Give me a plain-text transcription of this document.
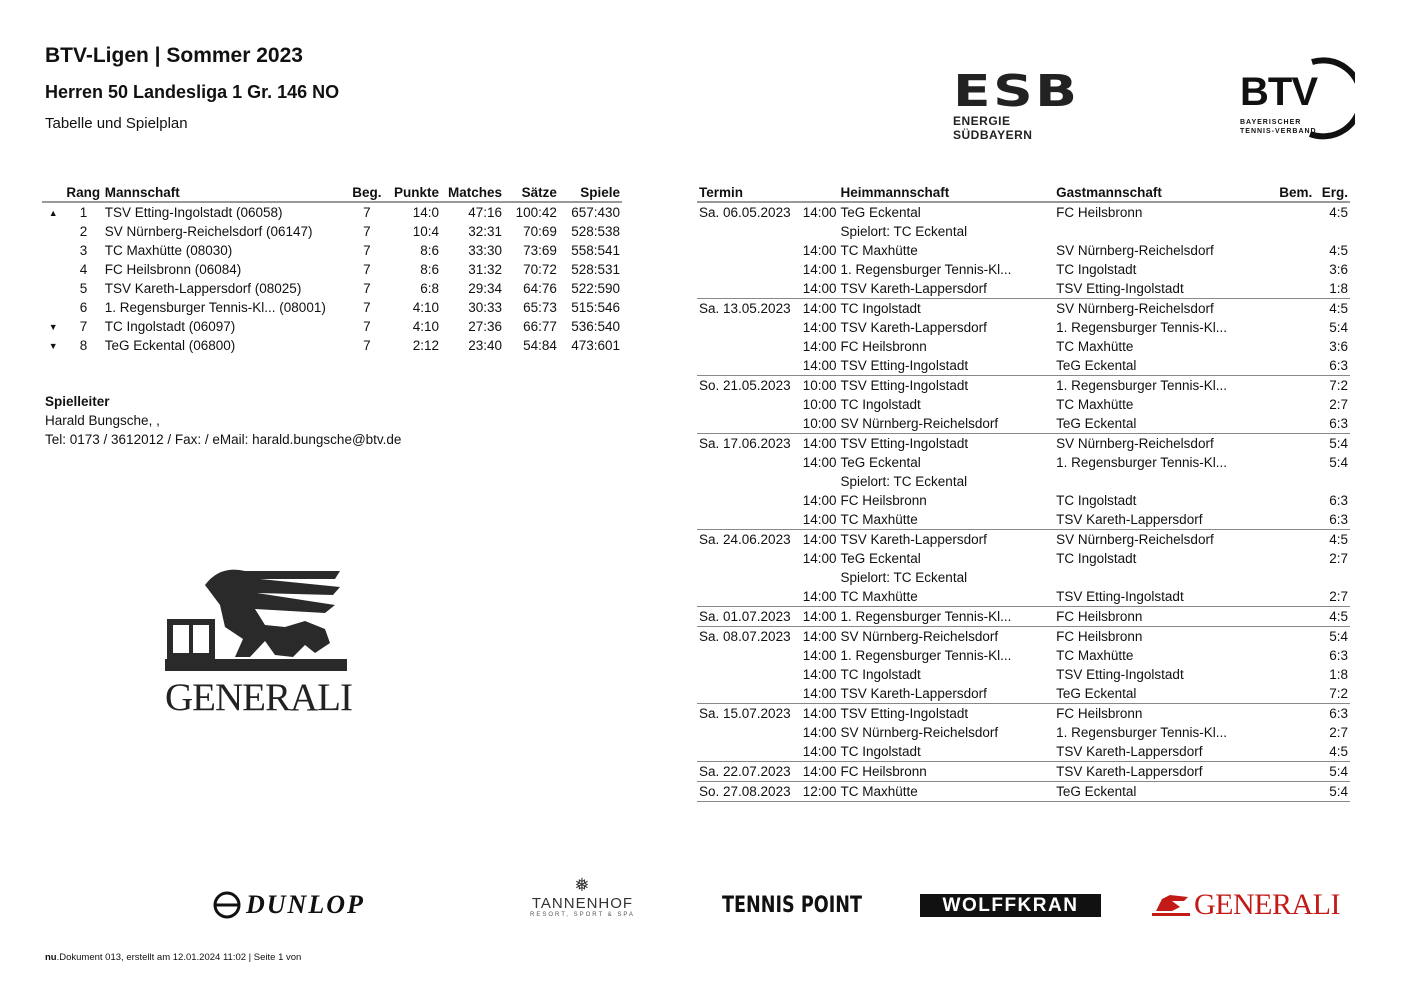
BTV-Ligen | Sommer 2023
Herren 50 Landesliga 1 Gr. 146 NO
Tabelle und Spielplan
ESB
ENERGIE SÜDBAYERN
BTV
BAYERISCHER
TENNIS-VERBAND
	Rang	Mannschaft	Beg.	Punkte	Matches	Sätze	Spiele
▲	1	TSV Etting-Ingolstadt (06058)	7	14:0	47:16	100:42	657:430
	2	SV Nürnberg-Reichelsdorf (06147)	7	10:4	32:31	70:69	528:538
	3	TC Maxhütte (08030)	7	8:6	33:30	73:69	558:541
	4	FC Heilsbronn (06084)	7	8:6	31:32	70:72	528:531
	5	TSV Kareth-Lappersdorf (08025)	7	6:8	29:34	64:76	522:590
	6	1. Regensburger Tennis-Kl... (08001)	7	4:10	30:33	65:73	515:546
▼	7	TC Ingolstadt (06097)	7	4:10	27:36	66:77	536:540
▼	8	TeG Eckental (06800)	7	2:12	23:40	54:84	473:601
Spielleiter
Harald Bungsche, ,
Tel: 0173 / 3612012 / Fax: / eMail: harald.bungsche@btv.de
GENERALI
Termin		Heimmannschaft	Gastmannschaft	Bem.	Erg.
Sa. 06.05.2023	14:00	TeG Eckental	FC Heilsbronn		4:5
		Spielort: TC Eckental			
	14:00	TC Maxhütte	SV Nürnberg-Reichelsdorf		4:5
	14:00	1. Regensburger Tennis-Kl...	TC Ingolstadt		3:6
	14:00	TSV Kareth-Lappersdorf	TSV Etting-Ingolstadt		1:8
Sa. 13.05.2023	14:00	TC Ingolstadt	SV Nürnberg-Reichelsdorf		4:5
	14:00	TSV Kareth-Lappersdorf	1. Regensburger Tennis-Kl...		5:4
	14:00	FC Heilsbronn	TC Maxhütte		3:6
	14:00	TSV Etting-Ingolstadt	TeG Eckental		6:3
So. 21.05.2023	10:00	TSV Etting-Ingolstadt	1. Regensburger Tennis-Kl...		7:2
	10:00	TC Ingolstadt	TC Maxhütte		2:7
	10:00	SV Nürnberg-Reichelsdorf	TeG Eckental		6:3
Sa. 17.06.2023	14:00	TSV Etting-Ingolstadt	SV Nürnberg-Reichelsdorf		5:4
	14:00	TeG Eckental	1. Regensburger Tennis-Kl...		5:4
		Spielort: TC Eckental			
	14:00	FC Heilsbronn	TC Ingolstadt		6:3
	14:00	TC Maxhütte	TSV Kareth-Lappersdorf		6:3
Sa. 24.06.2023	14:00	TSV Kareth-Lappersdorf	SV Nürnberg-Reichelsdorf		4:5
	14:00	TeG Eckental	TC Ingolstadt		2:7
		Spielort: TC Eckental			
	14:00	TC Maxhütte	TSV Etting-Ingolstadt		2:7
Sa. 01.07.2023	14:00	1. Regensburger Tennis-Kl...	FC Heilsbronn		4:5
Sa. 08.07.2023	14:00	SV Nürnberg-Reichelsdorf	FC Heilsbronn		5:4
	14:00	1. Regensburger Tennis-Kl...	TC Maxhütte		6:3
	14:00	TC Ingolstadt	TSV Etting-Ingolstadt		1:8
	14:00	TSV Kareth-Lappersdorf	TeG Eckental		7:2
Sa. 15.07.2023	14:00	TSV Etting-Ingolstadt	FC Heilsbronn		6:3
	14:00	SV Nürnberg-Reichelsdorf	1. Regensburger Tennis-Kl...		2:7
	14:00	TC Ingolstadt	TSV Kareth-Lappersdorf		4:5
Sa. 22.07.2023	14:00	FC Heilsbronn	TSV Kareth-Lappersdorf		5:4
So. 27.08.2023	12:00	TC Maxhütte	TeG Eckental		5:4
DUNLOP
❅
TANNENHOF
RESORT, SPORT & SPA	TENNIS POINT	WOLFFKRAN	GENERALI
nu.Dokument 013, erstellt am 12.01.2024 11:02 | Seite 1 von
